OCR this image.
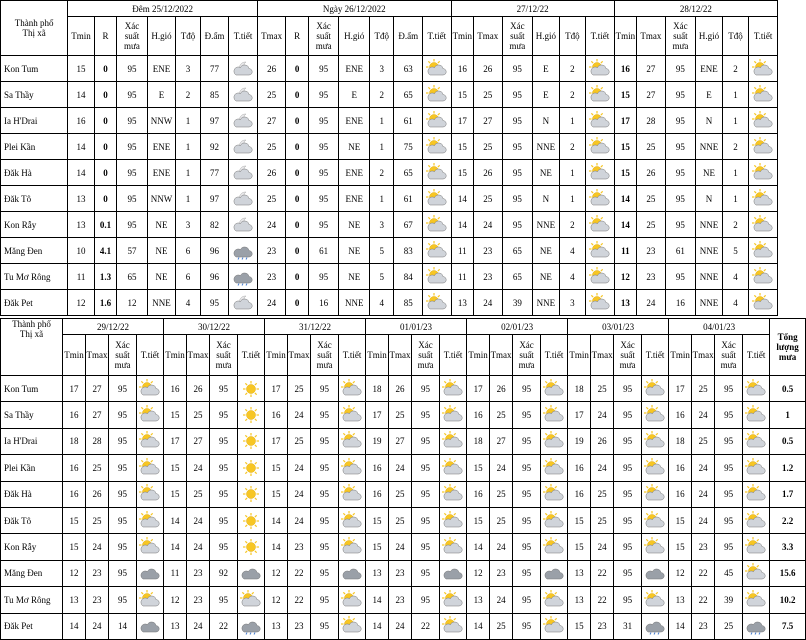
Thành phố
Thị xã	Đêm 25/12/2022							Ngày 26/12/2022							27/12/22						28/12/22					
	Tmin	R	Xác suất mưa	H.gió	Tđộ	Đ.ẩm	T.tiết	Tmax	R	Xác suất mưa	H.gió	Tđộ	Đ.ẩm	T.tiết	Tmin	Tmax	Xác suất mưa	H.gió	Tđộ	T.tiết	Tmin	Tmax	Xác suất mưa	H.gió	Tđộ	T.tiết
Kon Tum	15	0	95	ENE	3	77		26	0	95	ENE	3	63		16	26	95	E	2		16	27	95	ENE	2	

Sa Thầy	14	0	95	E	2	85		25	0	95	E	2	65		15	25	95	E	2		15	27	95	E	1	

Ia H'Drai	16	0	95	NNW	1	97		27	0	95	ENE	1	61		17	27	95	N	1		17	28	95	N	1	

Plei Kần	14	0	95	ENE	1	92		25	0	95	NE	1	75		15	25	95	NNE	2		15	25	95	NNE	2	

Đăk Hà	14	0	95	ENE	1	77		26	0	95	ENE	2	65		15	26	95	NE	1		15	26	95	NE	1	

Đăk Tô	13	0	95	NNW	1	97		25	0	95	ENE	1	61		14	25	95	N	1		14	25	95	N	1	

Kon Rẫy	13	0.1	95	NE	3	82		24	0	95	NE	3	67		14	24	95	NNE	2		14	25	95	NNE	2	

Măng Đen	10	4.1	57	NE	6	96		23	0	61	NE	5	83		11	23	65	NE	4		11	23	61	NNE	5	

Tu Mơ Rông	11	1.3	65	NE	6	96		23	0	95	NE	5	84		11	23	65	NE	4		12	23	95	NNE	4	

Đăk Pet	12	1.6	12	NNE	4	95		24	0	16	NNE	4	85		13	24	39	NNE	3		13	24	16	NNE	4	
Thành phố
Thị xã	29/12/22				30/12/22				31/12/22				01/01/23				02/01/23				03/01/23				04/01/23				Tổng lượng mưa
	Tmin	Tmax	Xác suất mưa	T.tiết	Tmin	Tmax	Xác suất mưa	T.tiết	Tmin	Tmax	Xác suất mưa	T.tiết	Tmin	Tmax	Xác suất mưa	T.tiết	Tmin	Tmax	Xác suất mưa	T.tiết	Tmin	Tmax	Xác suất mưa	T.tiết	Tmin	Tmax	Xác suất mưa	T.tiết	
Kon Tum	17	27	95		16	26	95		17	25	95		18	26	95		17	26	95		18	25	95		17	25	95		0.5
Sa Thầy	16	27	95		15	25	95		16	24	95		17	25	95		16	25	95		17	24	95		16	24	95		1
Ia H'Drai	18	28	95		17	27	95		17	25	95		19	27	95		18	27	95		19	26	95		18	25	95		0.5
Plei Kần	16	25	95		15	24	95		15	24	95		16	24	95		15	24	95		16	24	95		16	24	95		1.2
Đăk Hà	16	26	95		15	25	95		15	24	95		16	25	95		16	25	95		16	25	95		16	24	95		1.7
Đăk Tô	15	25	95		14	24	95		14	24	95		15	25	95		15	25	95		15	25	95		15	24	95		2.2
Kon Rẫy	15	24	95		14	24	95		14	23	95		15	24	95		14	24	95		15	24	95		15	23	95		3.3
Măng Đen	12	23	95		11	23	92		12	22	95		13	23	95		12	23	95		13	22	95		12	22	45		15.6
Tu Mơ Rông	13	23	95		12	23	95		12	22	95		14	23	95		13	24	95		13	22	95		13	22	39		10.2
Đăk Pet	14	24	14		13	24	22		13	23	95		14	24	22		14	25	95		15	23	31		14	23	25		7.5
